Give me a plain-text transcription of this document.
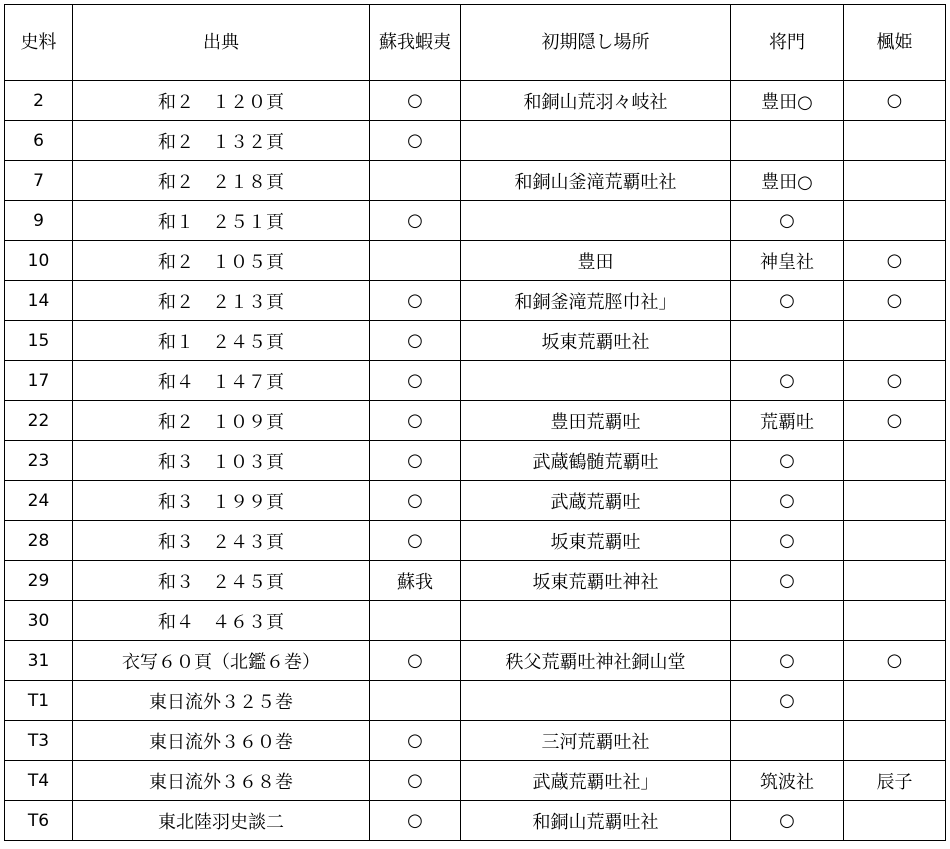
史料	出典	蘇我蝦夷	初期隠し場所	将門	楓姫
2	和２　１２０頁	○	和銅山荒羽々岐社	豊田○	○
6	和２　１３２頁	○			
7	和２　２１８頁		和銅山釜滝荒覇吐社	豊田○	
9	和１　２５１頁	○		○	
10	和２　１０５頁		豊田	神皇社	○
14	和２　２１３頁	○	和銅釜滝荒脛巾社」	○	○
15	和１　２４５頁	○	坂東荒覇吐社		
17	和４　１４７頁	○		○	○
22	和２　１０９頁	○	豊田荒覇吐	荒覇吐	○
23	和３　１０３頁	○	武蔵鶴髄荒覇吐	○	
24	和３　１９９頁	○	武蔵荒覇吐	○	
28	和３　２４３頁	○	坂東荒覇吐	○	
29	和３　２４５頁	蘇我	坂東荒覇吐神社	○	
30	和４　４６３頁				
31	衣写６０頁（北鑑６巻）	○	秩父荒覇吐神社銅山堂	○	○
T1	東日流外３２５巻			○	
T3	東日流外３６０巻	○	三河荒覇吐社		
T4	東日流外３６８巻	○	武蔵荒覇吐社」	筑波社	辰子
T6	東北陸羽史談二	○	和銅山荒覇吐社	○	
